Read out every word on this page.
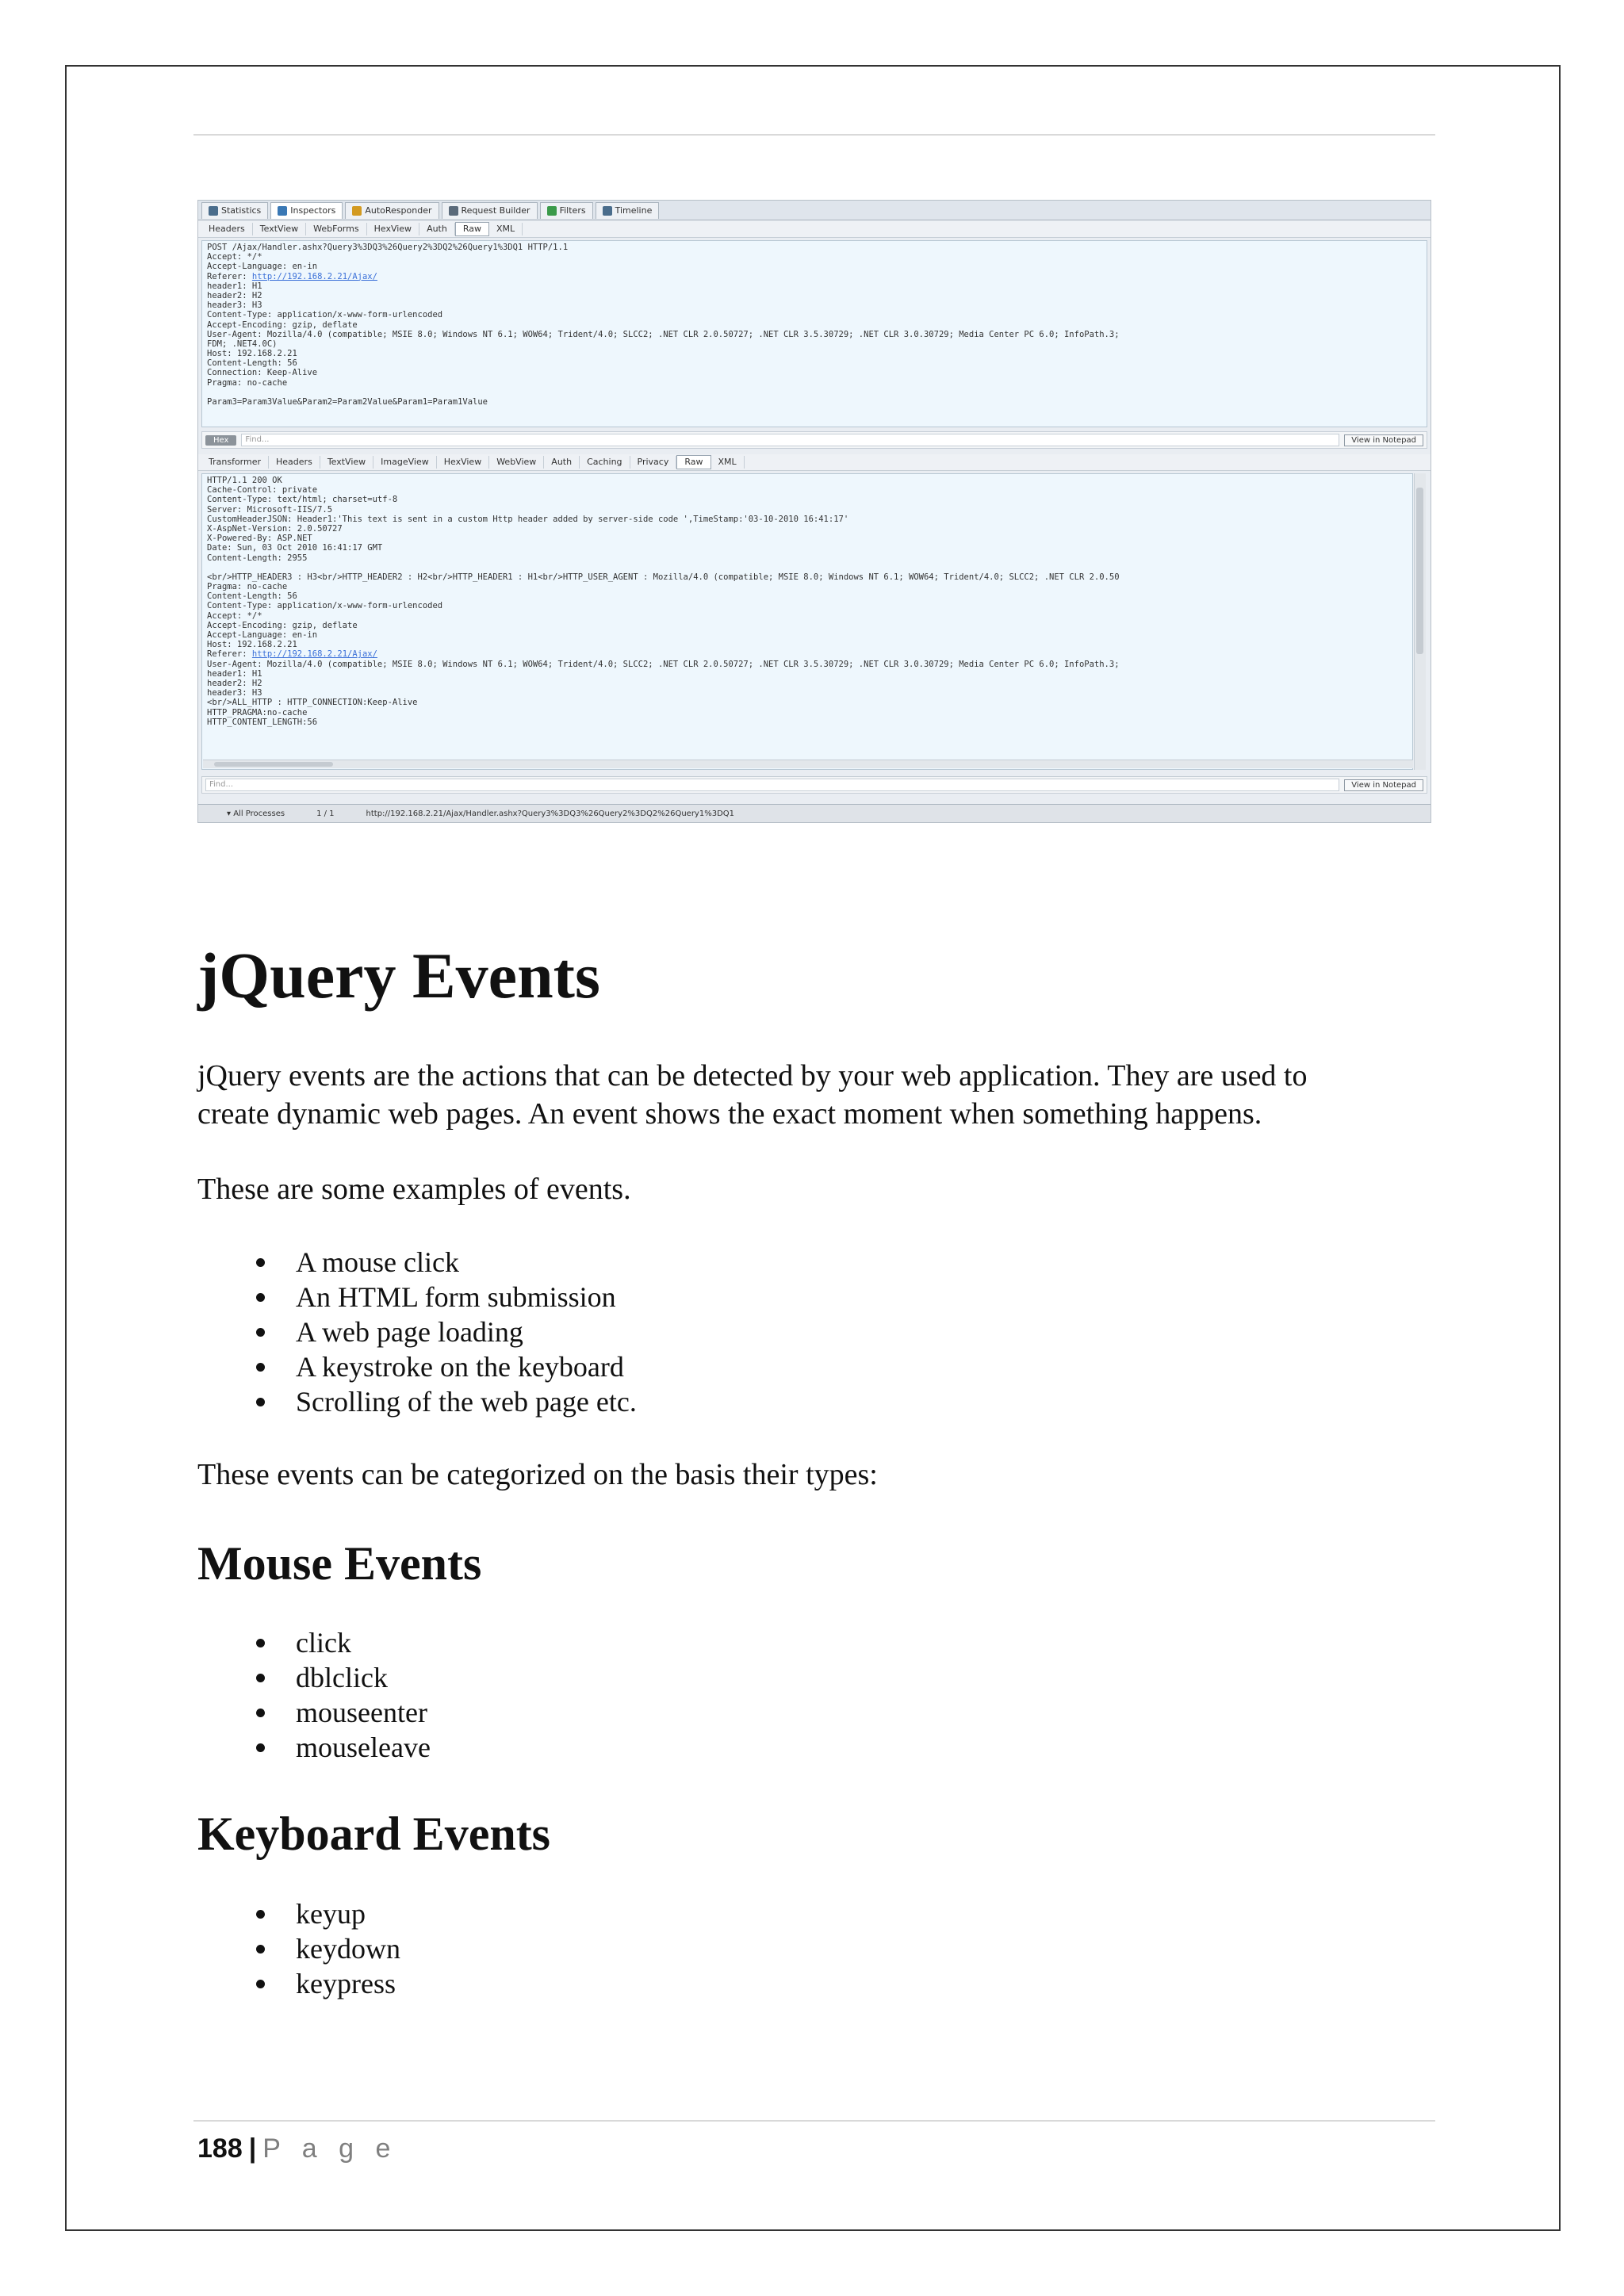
Statistics	Inspectors	AutoResponder	Request Builder	Filters	Timeline
Headers	TextView	WebForms	HexView	Auth	Raw	XML
POST /Ajax/Handler.ashx?Query3%3DQ3%26Query2%3DQ2%26Query1%3DQ1 HTTP/1.1
Accept: */*
Accept-Language: en-in
Referer: http://192.168.2.21/Ajax/
header1: H1
header2: H2
header3: H3
Content-Type: application/x-www-form-urlencoded
Accept-Encoding: gzip, deflate
User-Agent: Mozilla/4.0 (compatible; MSIE 8.0; Windows NT 6.1; WOW64; Trident/4.0; SLCC2; .NET CLR 2.0.50727; .NET CLR 3.5.30729; .NET CLR 3.0.30729; Media Center PC 6.0; InfoPath.3;
FDM; .NET4.0C)
Host: 192.168.2.21
Content-Length: 56
Connection: Keep-Alive
Pragma: no-cache
Param3=Param3Value&Param2=Param2Value&Param1=Param1Value
Hex	Find...	View in Notepad
Transformer	Headers	TextView	ImageView	HexView	WebView	Auth	Caching	Privacy	Raw	XML
HTTP/1.1 200 OK
Cache-Control: private
Content-Type: text/html; charset=utf-8
Server: Microsoft-IIS/7.5
CustomHeaderJSON: Header1:'This text is sent in a custom Http header added by server-side code ',TimeStamp:'03-10-2010 16:41:17'
X-AspNet-Version: 2.0.50727
X-Powered-By: ASP.NET
Date: Sun, 03 Oct 2010 16:41:17 GMT
Content-Length: 2955
<br/>HTTP_HEADER3 : H3<br/>HTTP_HEADER2 : H2<br/>HTTP_HEADER1 : H1<br/>HTTP_USER_AGENT : Mozilla/4.0 (compatible; MSIE 8.0; Windows NT 6.1; WOW64; Trident/4.0; SLCC2; .NET CLR 2.0.50
Pragma: no-cache
Content-Length: 56
Content-Type: application/x-www-form-urlencoded
Accept: */*
Accept-Encoding: gzip, deflate
Accept-Language: en-in
Host: 192.168.2.21
Referer: http://192.168.2.21/Ajax/
User-Agent: Mozilla/4.0 (compatible; MSIE 8.0; Windows NT 6.1; WOW64; Trident/4.0; SLCC2; .NET CLR 2.0.50727; .NET CLR 3.5.30729; .NET CLR 3.0.30729; Media Center PC 6.0; InfoPath.3;
header1: H1
header2: H2
header3: H3
<br/>ALL_HTTP : HTTP_CONNECTION:Keep-Alive
HTTP_PRAGMA:no-cache
HTTP_CONTENT_LENGTH:56
Find...	View in Notepad
▾ All Processes	1 / 1	http://192.168.2.21/Ajax/Handler.ashx?Query3%3DQ3%26Query2%3DQ2%26Query1%3DQ1
jQuery Events

jQuery events are the actions that can be detected by your web application. They are used to

create dynamic web pages. An event shows the exact moment when something happens.

These are some examples of events.

A mouse click
An HTML form submission
A web page loading
A keystroke on the keyboard
Scrolling of the web page etc.

These events can be categorized on the basis their types:

Mouse Events
click
dblclick
mouseenter
mouseleave
Keyboard Events
keyup
keydown
keypress
188 | P a g e
